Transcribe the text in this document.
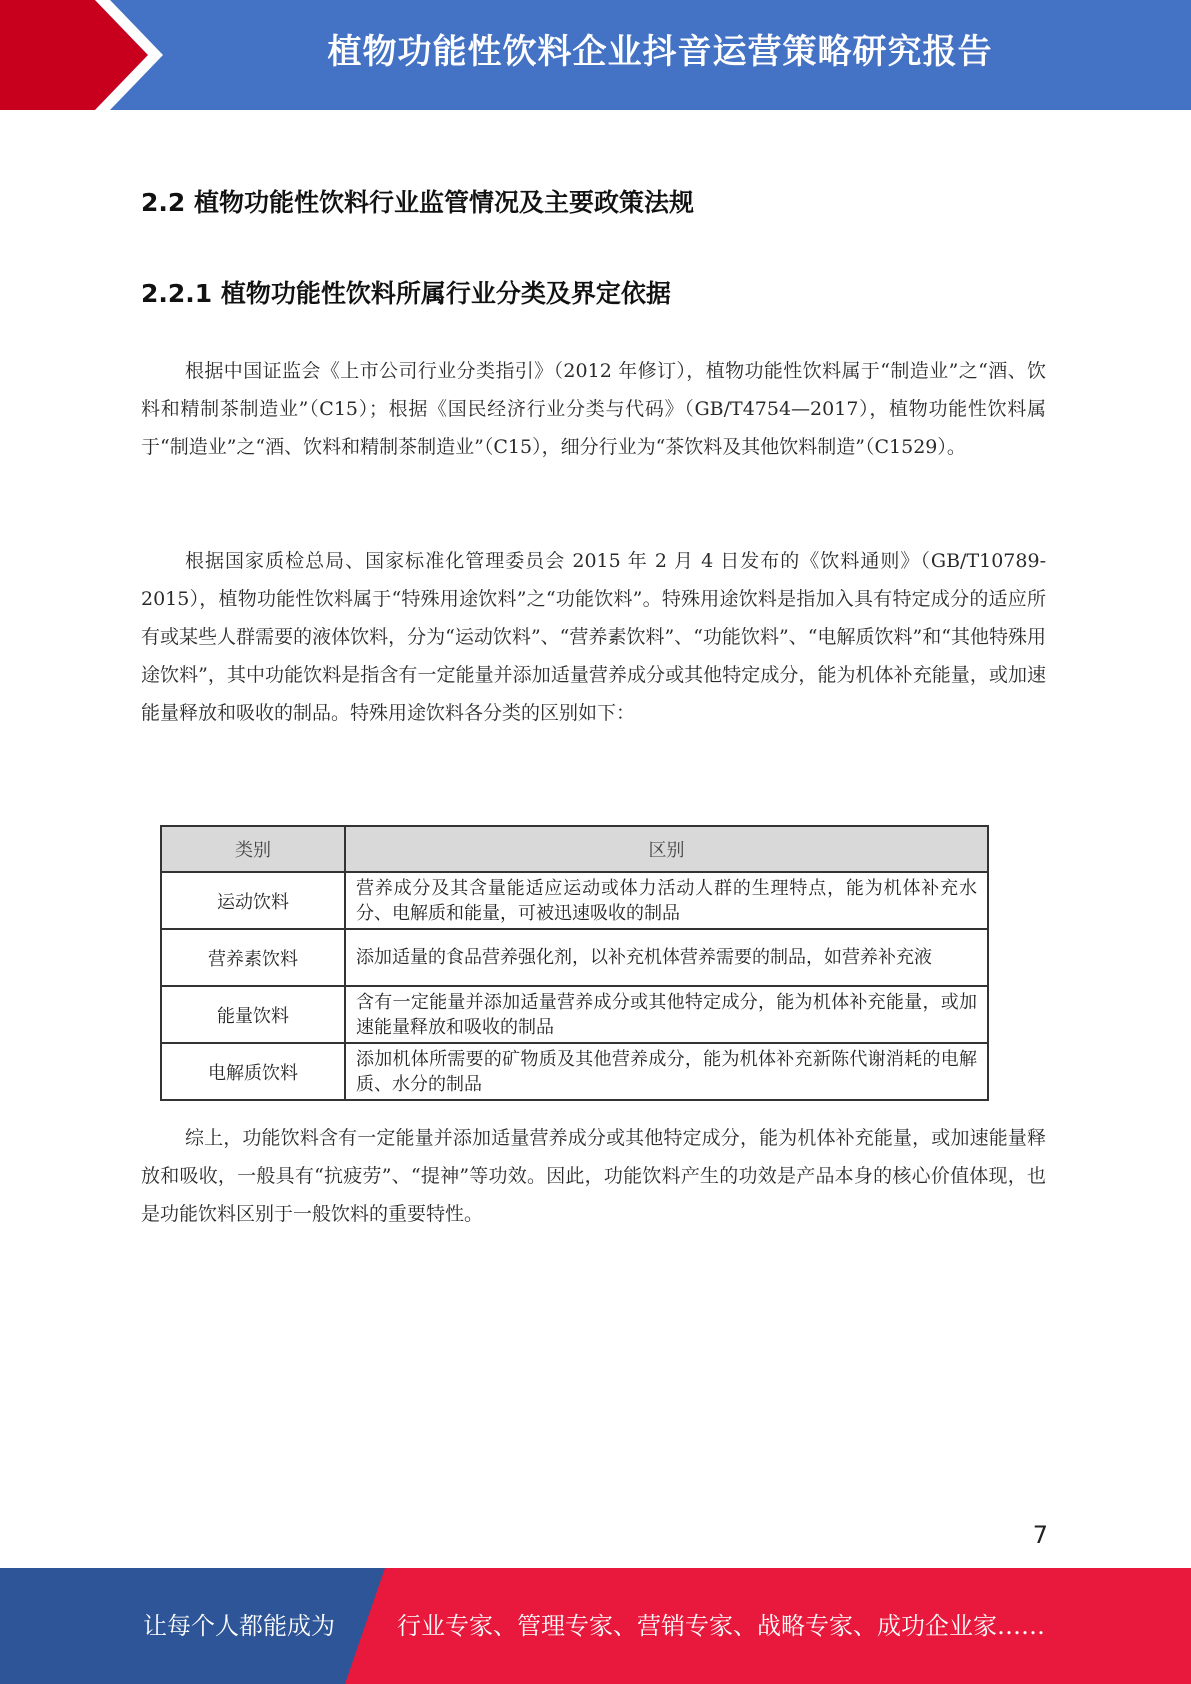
植物功能性饮料企业抖音运营策略研究报告
2.2 植物功能性饮料行业监管情况及主要政策法规
2.2.1 植物功能性饮料所属行业分类及界定依据

根据中国证监会《上市公司行业分类指引》（2012 年修订），植物功能性饮料属于“制造业”之“酒、饮料和精制茶制造业”（C15）；根据《国民经济行业分类与代码》（GB/T4754—2017），植物功能性饮料属于“制造业”之“酒、饮料和精制茶制造业”（C15），细分行业为“茶饮料及其他饮料制造”（C1529）。

根据国家质检总局、国家标准化管理委员会 2015 年 2 月 4 日发布的《饮料通则》（GB/T10789-2015），植物功能性饮料属于“特殊用途饮料”之“功能饮料”。特殊用途饮料是指加入具有特定成分的适应所有或某些人群需要的液体饮料，分为“运动饮料”、“营养素饮料”、“功能饮料”、“电解质饮料”和“其他特殊用途饮料”，其中功能饮料是指含有一定能量并添加适量营养成分或其他特定成分，能为机体补充能量，或加速能量释放和吸收的制品。特殊用途饮料各分类的区别如下：

类别	区别
运动饮料	营养成分及其含量能适应运动或体力活动人群的生理特点，能为机体补充水分、电解质和能量，可被迅速吸收的制品
营养素饮料	添加适量的食品营养强化剂，以补充机体营养需要的制品，如营养补充液
能量饮料	含有一定能量并添加适量营养成分或其他特定成分，能为机体补充能量，或加速能量释放和吸收的制品
电解质饮料	添加机体所需要的矿物质及其他营养成分，能为机体补充新陈代谢消耗的电解质、水分的制品

综上，功能饮料含有一定能量并添加适量营养成分或其他特定成分，能为机体补充能量，或加速能量释放和吸收，一般具有“抗疲劳”、“提神”等功效。因此，功能饮料产生的功效是产品本身的核心价值体现，也是功能饮料区别于一般饮料的重要特性。

7
让每个人都能成为	行业专家、管理专家、营销专家、战略专家、成功企业家……
